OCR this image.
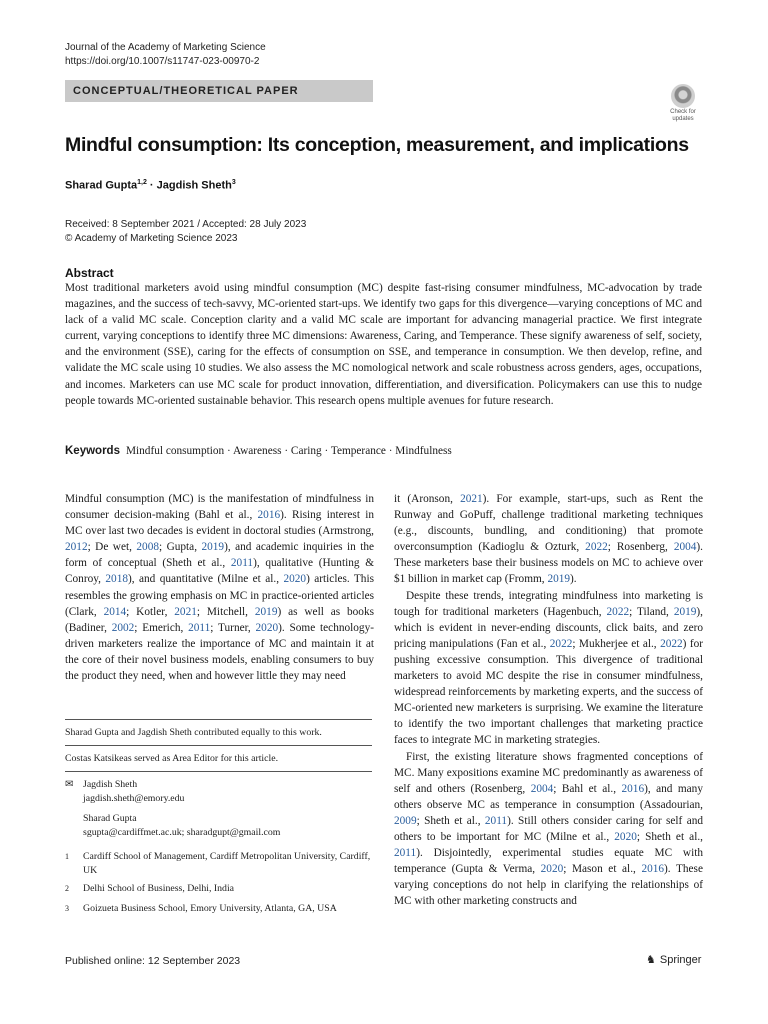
Journal of the Academy of Marketing Science
https://doi.org/10.1007/s11747-023-00970-2
CONCEPTUAL/THEORETICAL PAPER
Check for
updates
Mindful consumption: Its conception, measurement, and implications
Sharad Gupta$^{1,2}$ · Jagdish Sheth$^3$
Received: 8 September 2021 / Accepted: 28 July 2023
© Academy of Marketing Science 2023
Abstract
Most traditional marketers avoid using mindful consumption (MC) despite fast-rising consumer mindfulness, MC-advocation by trade magazines, and the success of tech-savvy, MC-oriented start-ups. We identify two gaps for this divergence—varying conceptions of MC and lack of a valid MC scale. Conception clarity and a valid MC scale are important for advancing managerial practice. We first integrate current, varying conceptions to identify three MC dimensions: Awareness, Caring, and Temperance. These signify awareness of self, society, and the environment (SSE), caring for the effects of consumption on SSE, and temperance in consumption. We then develop, refine, and validate the MC scale using 10 studies. We also assess the MC nomological network and scale robustness across genders, ages, occupations, and incomes. Marketers can use MC scale for product innovation, differentiation, and diversification. Policymakers can use this to nudge people towards MC-oriented sustainable behavior. This research opens multiple avenues for future research.
Keywords Mindful consumption · Awareness · Caring · Temperance · Mindfulness

Mindful consumption (MC) is the manifestation of mindfulness in consumer decision-making (Bahl et al., 2016). Rising interest in MC over last two decades is evident in doctoral studies (Armstrong, 2012; De wet, 2008; Gupta, 2019), and academic inquiries in the form of conceptual (Sheth et al., 2011), qualitative (Hunting & Conroy, 2018), and quantitative (Milne et al., 2020) articles. This resembles the growing emphasis on MC in practice-oriented articles (Clark, 2014; Kotler, 2021; Mitchell, 2019) as well as books (Badiner, 2002; Emerich, 2011; Turner, 2020). Some technology-driven marketers realize the importance of MC and maintain it at the core of their novel business models, enabling consumers to buy the product they need, when and however little they may need

it (Aronson, 2021). For example, start-ups, such as Rent the Runway and GoPuff, challenge traditional marketing techniques (e.g., discounts, bundling, and conditioning) that promote overconsumption (Kadioglu & Ozturk, 2022; Rosenberg, 2004). These marketers base their business models on MC to achieve over $1 billion in market cap (Fromm, 2019).

Despite these trends, integrating mindfulness into marketing is tough for traditional marketers (Hagenbuch, 2022; Tiland, 2019), which is evident in never-ending discounts, click baits, and zero pricing manipulations (Fan et al., 2022; Mukherjee et al., 2022) for pushing excessive consumption. This divergence of traditional marketers to avoid MC despite the rise in consumer mindfulness, widespread reinforcements by marketing experts, and the success of MC-oriented new marketers is surprising. We examine the literature to identify the two important challenges that marketing practice faces to integrate MC in marketing strategies.

First, the existing literature shows fragmented conceptions of MC. Many expositions examine MC predominantly as awareness of self and others (Rosenberg, 2004; Bahl et al., 2016), and many others observe MC as temperance in consumption (Assadourian, 2009; Sheth et al., 2011). Still others consider caring for self and others to be important for MC (Milne et al., 2020; Sheth et al., 2011). Disjointedly, experimental studies equate MC with temperance (Gupta & Verma, 2020; Mason et al., 2016). These varying conceptions do not help in clarifying the relationships of MC with other marketing constructs and

Sharad Gupta and Jagdish Sheth contributed equally to this work.
Costas Katsikeas served as Area Editor for this article.
✉ Jagdish Sheth
jagdish.sheth@emory.edu
Sharad Gupta
sgupta@cardiffmet.ac.uk; sharadgupt@gmail.com
1 Cardiff School of Management, Cardiff Metropolitan University, Cardiff, UK
2 Delhi School of Business, Delhi, India
3 Goizueta Business School, Emory University, Atlanta, GA, USA
Published online: 12 September 2023	♞ Springer
